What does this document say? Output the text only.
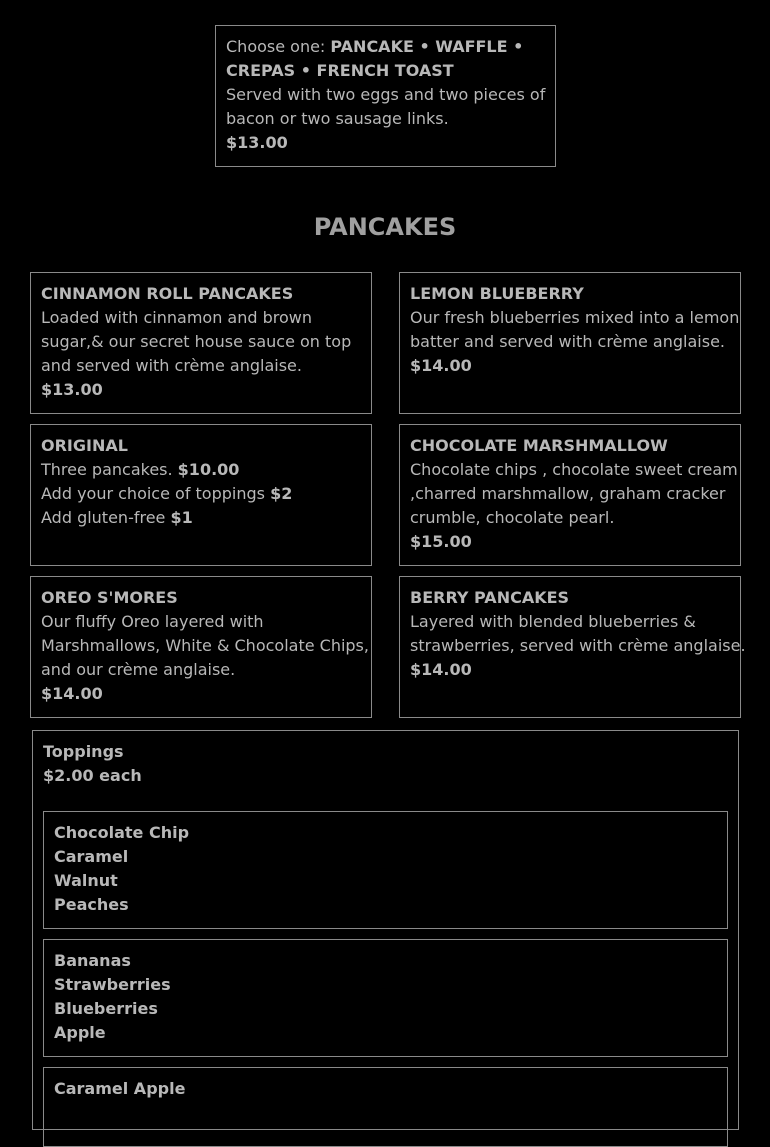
Choose one: PANCAKE • WAFFLE •
CREPAS • FRENCH TOAST
Served with two eggs and two pieces of
bacon or two sausage links.
$13.00
PANCAKES
CINNAMON ROLL PANCAKES
Loaded with cinnamon and brown
sugar,& our secret house sauce on top
and served with crème anglaise.
$13.00
LEMON BLUEBERRY
Our fresh blueberries mixed into a lemon
batter and served with crème anglaise.
$14.00
ORIGINAL
Three pancakes. $10.00
Add your choice of toppings $2
Add gluten-free $1
CHOCOLATE MARSHMALLOW
Chocolate chips , chocolate sweet cream
,charred marshmallow, graham cracker
crumble, chocolate pearl.
$15.00
OREO S'MORES
Our fluffy Oreo layered with
Marshmallows, White & Chocolate Chips,
and our crème anglaise.
$14.00
BERRY PANCAKES
Layered with blended blueberries &
strawberries, served with crème anglaise.
$14.00
Toppings
$2.00 each
Chocolate Chip
Caramel
Walnut
Peaches
Bananas
Strawberries
Blueberries
Apple
Caramel Apple
